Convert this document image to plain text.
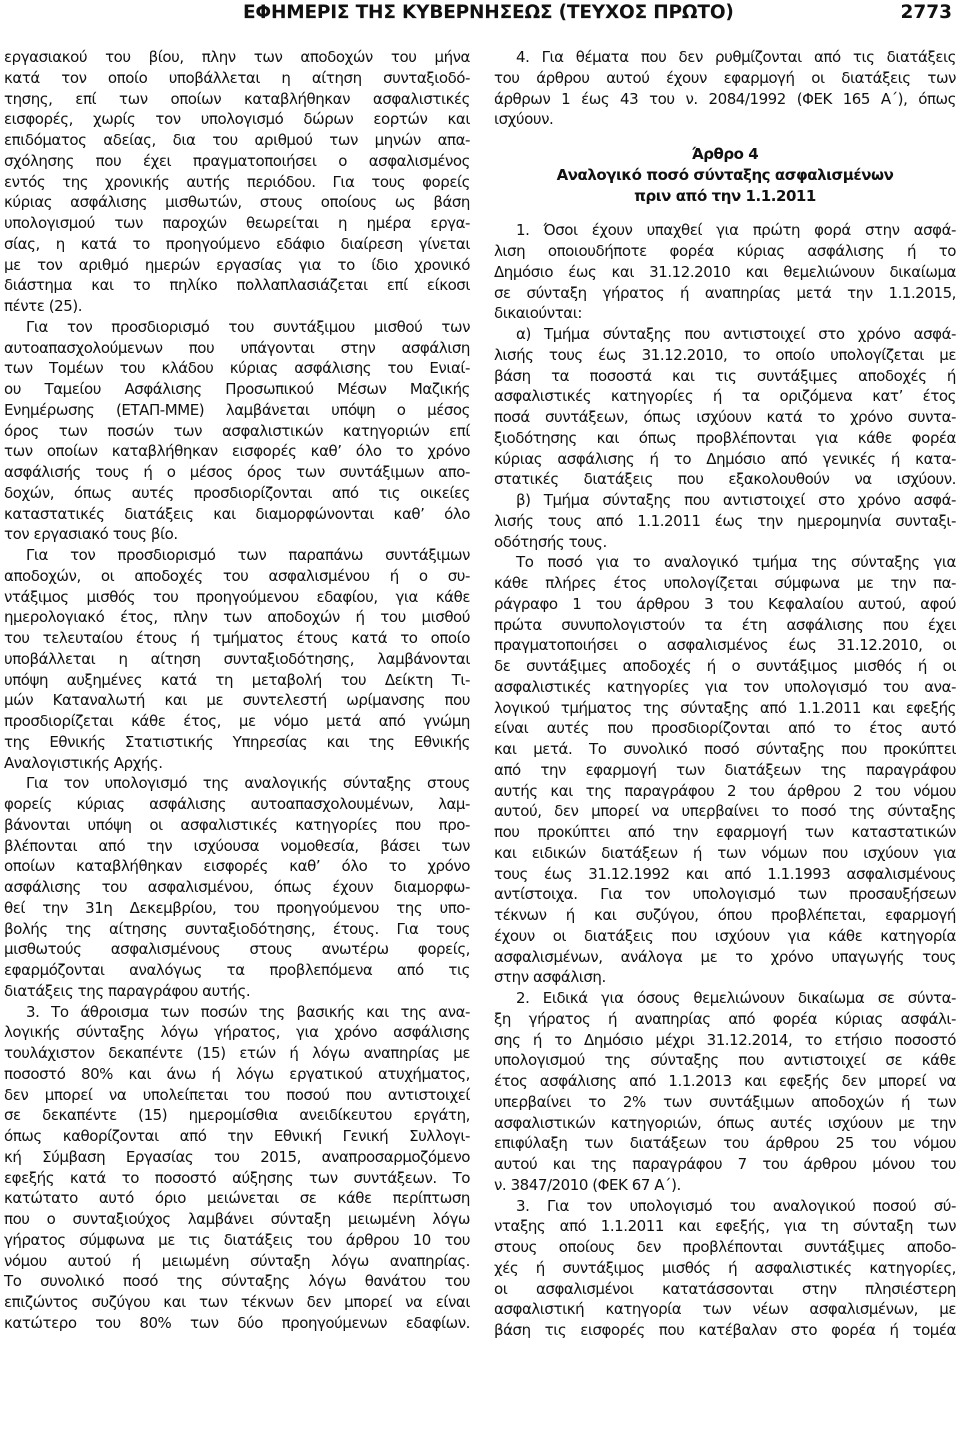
ΕΦΗΜΕΡΙΣ ΤΗΣ ΚΥΒΕΡΝΗΣΕΩΣ (ΤΕΥΧΟΣ ΠΡΩΤΟ)	2773
εργασιακού του βίου, πλην των αποδοχών του μήνα
κατά τον οποίο υποβάλλεται η αίτηση συνταξιοδό-
τησης, επί των οποίων καταβλήθηκαν ασφαλιστικές
εισφορές, χωρίς τον υπολογισμό δώρων εορτών και
επιδόματος αδείας, δια του αριθμού των μηνών απα-
σχόλησης που έχει πραγματοποιήσει ο ασφαλισμένος
εντός της χρονικής αυτής περιόδου. Για τους φορείς
κύριας ασφάλισης μισθωτών, στους οποίους ως βάση
υπολογισμού των παροχών θεωρείται η ημέρα εργα-
σίας, η κατά το προηγούμενο εδάφιο διαίρεση γίνεται
με τον αριθμό ημερών εργασίας για το ίδιο χρονικό
διάστημα και το πηλίκο πολλαπλασιάζεται επί είκοσι
πέντε (25).
Για τον προσδιορισμό του συντάξιμου μισθού των
αυτοαπασχολούμενων που υπάγονται στην ασφάλιση
των Τομέων του κλάδου κύριας ασφάλισης του Ενιαί-
ου Ταμείου Ασφάλισης Προσωπικού Μέσων Μαζικής
Ενημέρωσης (ΕΤΑΠ-ΜΜΕ) λαμβάνεται υπόψη ο μέσος
όρος των ποσών των ασφαλιστικών κατηγοριών επί
των οποίων καταβλήθηκαν εισφορές καθ’ όλο το χρόνο
ασφάλισής τους ή ο μέσος όρος των συντάξιμων απο-
δοχών, όπως αυτές προσδιορίζονται από τις οικείες
καταστατικές διατάξεις και διαμορφώνονται καθ’ όλο
τον εργασιακό τους βίο.
Για τον προσδιορισμό των παραπάνω συντάξιμων
αποδοχών, οι αποδοχές του ασφαλισμένου ή ο συ-
ντάξιμος μισθός του προηγούμενου εδαφίου, για κάθε
ημερολογιακό έτος, πλην των αποδοχών ή του μισθού
του τελευταίου έτους ή τμήματος έτους κατά το οποίο
υποβάλλεται η αίτηση συνταξιοδότησης, λαμβάνονται
υπόψη αυξημένες κατά τη μεταβολή του Δείκτη Τι-
μών Καταναλωτή και με συντελεστή ωρίμανσης που
προσδιορίζεται κάθε έτος, με νόμο μετά από γνώμη
της Εθνικής Στατιστικής Υπηρεσίας και της Εθνικής
Αναλογιστικής Αρχής.
Για τον υπολογισμό της αναλογικής σύνταξης στους
φορείς κύριας ασφάλισης αυτοαπασχολουμένων, λαμ-
βάνονται υπόψη οι ασφαλιστικές κατηγορίες που προ-
βλέπονται από την ισχύουσα νομοθεσία, βάσει των
οποίων καταβλήθηκαν εισφορές καθ’ όλο το χρόνο
ασφάλισης του ασφαλισμένου, όπως έχουν διαμορφω-
θεί την 31η Δεκεμβρίου, του προηγούμενου της υπο-
βολής της αίτησης συνταξιοδότησης, έτους. Για τους
μισθωτούς ασφαλισμένους στους ανωτέρω φορείς,
εφαρμόζονται αναλόγως τα προβλεπόμενα από τις
διατάξεις της παραγράφου αυτής.
3. Το άθροισμα των ποσών της βασικής και της ανα-
λογικής σύνταξης λόγω γήρατος, για χρόνο ασφάλισης
τουλάχιστον δεκαπέντε (15) ετών ή λόγω αναπηρίας με
ποσοστό 80% και άνω ή λόγω εργατικού ατυχήματος,
δεν μπορεί να υπολείπεται του ποσού που αντιστοιχεί
σε δεκαπέντε (15) ημερομίσθια ανειδίκευτου εργάτη,
όπως καθορίζονται από την Εθνική Γενική Συλλογι-
κή Σύμβαση Εργασίας του 2015, αναπροσαρμοζόμενο
εφεξής κατά το ποσοστό αύξησης των συντάξεων. Το
κατώτατο αυτό όριο μειώνεται σε κάθε περίπτωση
που ο συνταξιούχος λαμβάνει σύνταξη μειωμένη λόγω
γήρατος σύμφωνα με τις διατάξεις του άρθρου 10 του
νόμου αυτού ή μειωμένη σύνταξη λόγω αναπηρίας.
Το συνολικό ποσό της σύνταξης λόγω θανάτου του
επιζώντος συζύγου και των τέκνων δεν μπορεί να είναι
κατώτερο του 80% των δύο προηγούμενων εδαφίων.
4. Για θέματα που δεν ρυθμίζονται από τις διατάξεις
του άρθρου αυτού έχουν εφαρμογή οι διατάξεις των
άρθρων 1 έως 43 του ν. 2084/1992 (ΦΕΚ 165 Α΄), όπως
ισχύουν.
Άρθρο 4
Αναλογικό ποσό σύνταξης ασφαλισμένων
πριν από την 1.1.2011
1. Όσοι έχουν υπαχθεί για πρώτη φορά στην ασφά-
λιση οποιουδήποτε φορέα κύριας ασφάλισης ή το
Δημόσιο έως και 31.12.2010 και θεμελιώνουν δικαίωμα
σε σύνταξη γήρατος ή αναπηρίας μετά την 1.1.2015,
δικαιούνται:
α) Τμήμα σύνταξης που αντιστοιχεί στο χρόνο ασφά-
λισής τους έως 31.12.2010, το οποίο υπολογίζεται με
βάση τα ποσοστά και τις συντάξιμες αποδοχές ή
ασφαλιστικές κατηγορίες ή τα οριζόμενα κατ’ έτος
ποσά συντάξεων, όπως ισχύουν κατά το χρόνο συντα-
ξιοδότησης και όπως προβλέπονται για κάθε φορέα
κύριας ασφάλισης ή το Δημόσιο από γενικές ή κατα-
στατικές διατάξεις που εξακολουθούν να ισχύουν.
β) Τμήμα σύνταξης που αντιστοιχεί στο χρόνο ασφά-
λισής τους από 1.1.2011 έως την ημερομηνία συνταξι-
οδότησής τους.
Το ποσό για το αναλογικό τμήμα της σύνταξης για
κάθε πλήρες έτος υπολογίζεται σύμφωνα με την πα-
ράγραφο 1 του άρθρου 3 του Κεφαλαίου αυτού, αφού
πρώτα συνυπολογιστούν τα έτη ασφάλισης που έχει
πραγματοποιήσει ο ασφαλισμένος έως 31.12.2010, οι
δε συντάξιμες αποδοχές ή ο συντάξιμος μισθός ή οι
ασφαλιστικές κατηγορίες για τον υπολογισμό του ανα-
λογικού τμήματος της σύνταξης από 1.1.2011 και εφεξής
είναι αυτές που προσδιορίζονται από το έτος αυτό
και μετά. Το συνολικό ποσό σύνταξης που προκύπτει
από την εφαρμογή των διατάξεων της παραγράφου
αυτής και της παραγράφου 2 του άρθρου 2 του νόμου
αυτού, δεν μπορεί να υπερβαίνει το ποσό της σύνταξης
που προκύπτει από την εφαρμογή των καταστατικών
και ειδικών διατάξεων ή των νόμων που ισχύουν για
τους έως 31.12.1992 και από 1.1.1993 ασφαλισμένους
αντίστοιχα. Για τον υπολογισμό των προσαυξήσεων
τέκνων ή και συζύγου, όπου προβλέπεται, εφαρμογή
έχουν οι διατάξεις που ισχύουν για κάθε κατηγορία
ασφαλισμένων, ανάλογα με το χρόνο υπαγωγής τους
στην ασφάλιση.
2. Ειδικά για όσους θεμελιώνουν δικαίωμα σε σύντα-
ξη γήρατος ή αναπηρίας από φορέα κύριας ασφάλι-
σης ή το Δημόσιο μέχρι 31.12.2014, το ετήσιο ποσοστό
υπολογισμού της σύνταξης που αντιστοιχεί σε κάθε
έτος ασφάλισης από 1.1.2013 και εφεξής δεν μπορεί να
υπερβαίνει το 2% των συντάξιμων αποδοχών ή των
ασφαλιστικών κατηγοριών, όπως αυτές ισχύουν με την
επιφύλαξη των διατάξεων του άρθρου 25 του νόμου
αυτού και της παραγράφου 7 του άρθρου μόνου του
ν. 3847/2010 (ΦΕΚ 67 Α΄).
3. Για τον υπολογισμό του αναλογικού ποσού σύ-
νταξης από 1.1.2011 και εφεξής, για τη σύνταξη των
στους οποίους δεν προβλέπονται συντάξιμες αποδο-
χές ή συντάξιμος μισθός ή ασφαλιστικές κατηγορίες,
οι ασφαλισμένοι κατατάσσονται στην πλησιέστερη
ασφαλιστική κατηγορία των νέων ασφαλισμένων, με
βάση τις εισφορές που κατέβαλαν στο φορέα ή τομέα
